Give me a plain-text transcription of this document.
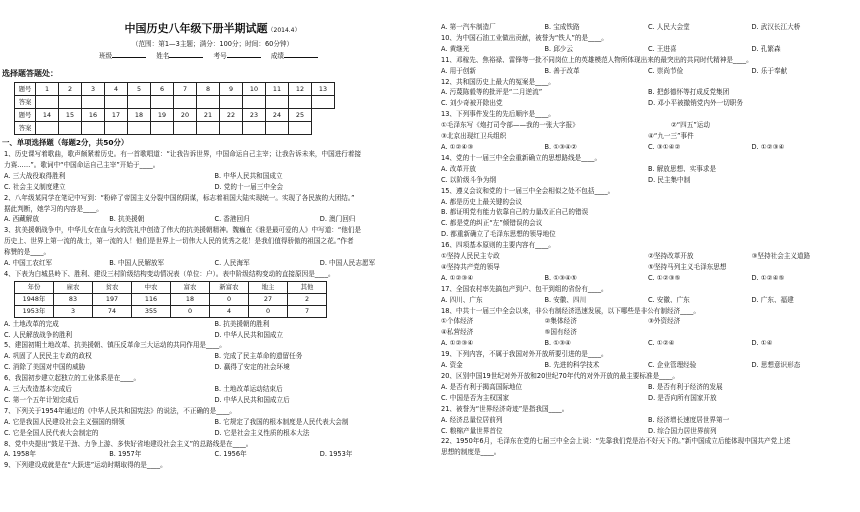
中国历史八年级下册半期试题（2014.4）
（范围：第1—3主题；满分：100分；时间：60分钟）
班级	姓名	考号	成绩
选择题答题处：
题号	1	2	3	4	5	6	7	8	9	10	11	12	13
答案													
题号	14	15	16	17	18	19	20	21	22	23	24	25	
答案													
一、单项选择题（每题2分，共50分）
1、历史课写着歌曲，歌声颇紧着历史。有一首歌唱道：“让我告诉世界，中国命运自己主宰；让我告诉未来，中国进行着接
力赛……”。歌词中“中国命运自己主宰”开始于____。
A. 三大战役取得胜利	B. 中华人民共和国成立
C. 社会主义制度建立	D. 党的十一届三中全会
2、八年级某同学在笔记中写到：“粉碎了帝国主义分裂中国的阴谋，标志着祖国大陆实现统一。实现了各民族的大团结。”
据此判断，她学习的内容是____。
A. 西藏解放	B. 抗美援朝	C. 香港回归	D. 澳门回归
3、抗美援朝战争中，中华儿女在血与火的洗礼中创造了伟大的抗美援朝精神。魏巍在《谁是最可爱的人》中写道：“他们是
历史上、世界上第一流的战士，第一流的人！他们是世界上一切伟大人民的优秀之花！是我们值得骄傲的祖国之花。”作者
称赞的是____。
A. 中国工农红军	B. 中国人民解放军	C. 人民海军	D. 中国人民志愿军
4、下表为白城县岭下、胜利、建设三村阶级结构变动情况表（单位：户）。表中阶级结构变动的直接原因是____。
年份	雇农	贫农	中农	富农	新富农	地主	其他
1948年	83	197	116	18	0	27	2
1953年	3	74	355	0	4	0	7
A. 土地改革的完成	B. 抗美援朝的胜利
C. 人民解放战争的胜利	D. 中华人民共和国成立
5、建国初期土地改革、抗美援朝、镇压反革命三大运动的共同作用是____。
A. 巩固了人民民主专政的政权	B. 完成了民主革命的遗留任务
C. 消除了美国对中国的威胁	D. 赢得了安定的社会环境
6、我国初步建立起独立的工业体系是在____。
A. 三大改造基本完成后	B. 土地改革运动结束后
C. 第一个五年计划完成后	D. 中华人民共和国成立后
7、下列关于1954年通过的《中华人民共和国宪法》的说法，不正确的是____。
A. 它是我国人民建设社会主义强国的纲领	B. 它规定了我国的根本制度是人民代表大会制
C. 它是全国人民代表大会制定的	D. 它是社会主义性质的根本大法
8、党中央提出“鼓足干劲、力争上游、多快好省地建设社会主义”的总路线是在____。
A. 1958年	B. 1957年	C. 1956年	D. 1953年
9、下列建设成就是在“大跃进”运动时期取得的是____。
A. 第一汽车制造厂	B. 宝成铁路	C. 人民大会堂	D. 武汉长江大桥
10、为中国石油工业做出贡献，被誉为“铁人”的是____。
A. 黄继光	B. 邱少云	C. 王进喜	D. 孔繁森
11、邓稼先、焦裕禄、雷锋等一批不同岗位上的英雄模范人物所体现出来的最突出的共同时代精神是____。
A. 用于创新	B. 善于改革	C. 崇尚节俭	D. 乐于奉献
12、共和国历史上最大的冤案是____。
A. 污蔑陈毅等的批评是“二月逆流”	B. 把彭德怀等打成反党集团
C. 刘少奇被开除出党	D. 邓小平被撤销党内外一切职务
13、下列事件发生的先后顺序是____。
①毛泽东写《炮打司令部——我的一张大字报》	②“四五”运动
③北京出现红卫兵组织	④“九一三”事件
A. ①②④③	B. ①③④②	C. ③①④②	D. ①②③④
14、党的十一届三中全会重新确立的思想路线是____。
A. 改革开放	B. 解放思想、实事求是
C. 以阶级斗争为纲	D. 民主集中制
15、遵义会议和党的十一届三中全会相似之处不包括____。
A. 都是历史上最关键的会议
B. 都证明党有能力依靠自己的力量改正自己的错误
C. 都是党的纠正“左”倾错误的会议
D. 都重新确立了毛泽东思想的领导地位
16、四项基本原则的主要内容有____。
①坚持人民民主专政	②坚持改革开放	③坚持社会主义道路
④坚持共产党的领导	⑤坚持马列主义毛泽东思想
A. ①②③④	B. ①③④⑤	C. ①②③⑤	D. ①②④⑤
17、全国农村率先搞包产到户、包干到组的省份有____。
A. 四川、广东	B. 安徽、四川	C. 安徽、广东	D. 广东、福建
18、中共十一届三中全会以来，非公有制经济迅速发展，以下哪些是非公有制经济____。
①个体经济	②集体经济	③外资经济
④私营经济	⑤国有经济
A. ①②③④	B. ①③④	C. ①②④	D. ①④
19、下列内容，不属于我国对外开放所要引进的是____。
A. 资金	B. 先进的科学技术	C. 企业管理经验	D. 思想意识形态
20、区别中国19世纪对外开放和20世纪70年代的对外开放的最主要标准是____。
A. 是否有利于揭高国际地位	B. 是否有利于经济的发展
C. 中国是否为主权国家	D. 是否向所有国家开放
21、被誉为“世界经济奇迹”是指我国____。
A. 经济总量位居前列	B. 经济增长速度居世界第一
C. 粮棉产量世界首位	D. 综合国力居世界前列
22、1950年6月，毛泽东在党的七届三中全会上说：“先靠我们党是治不好天下的。”新中国成立后能体现中国共产党上述
思想的制度是____。
